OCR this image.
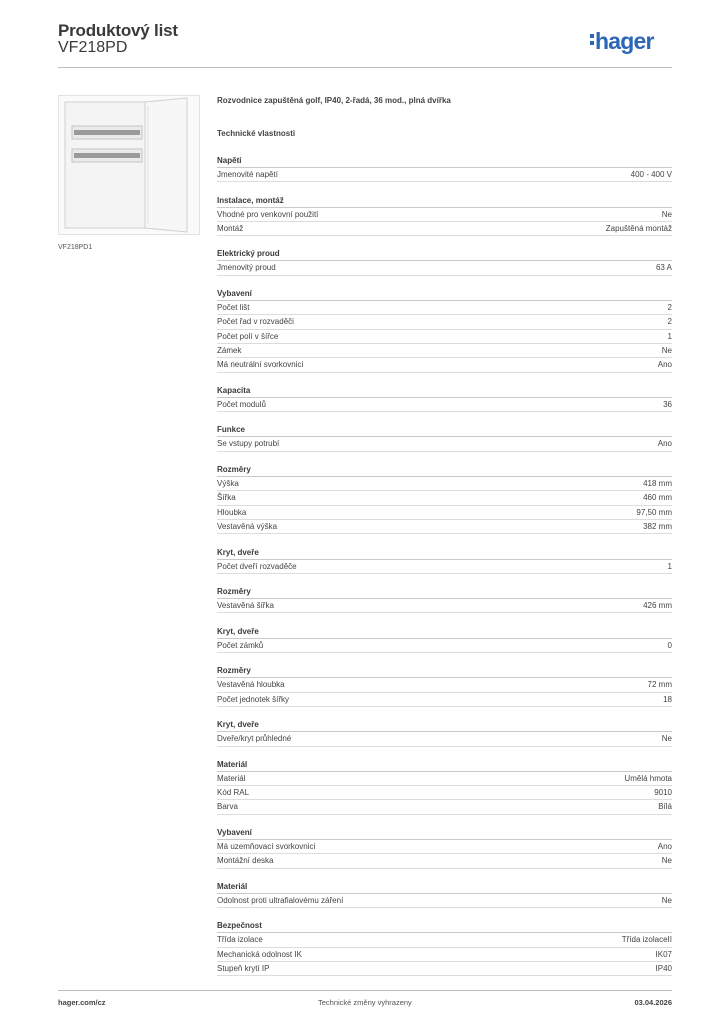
Produktový list
VF218PD	hager
VF218PD1
Rozvodnice zapuštěná golf, IP40, 2-řadá, 36 mod., plná dvířka
Technické vlastnosti
Napětí
Jmenovité napětí	400 - 400 V
Instalace, montáž
Vhodné pro venkovní použití	Ne
Montáž	Zapuštěná montáž
Elektrický proud
Jmenovitý proud	63 A
Vybavení
Počet lišt	2
Počet řad v rozvaděči	2
Počet polí v šířce	1
Zámek	Ne
Má neutrální svorkovnici	Ano
Kapacita
Počet modulů	36
Funkce
Se vstupy potrubí	Ano
Rozměry
Výška	418 mm
Šířka	460 mm
Hloubka	97,50 mm
Vestavěná výška	382 mm
Kryt, dveře
Počet dveří rozvaděče	1
Rozměry
Vestavěná šířka	426 mm
Kryt, dveře
Počet zámků	0
Rozměry
Vestavěná hloubka	72 mm
Počet jednotek šířky	18
Kryt, dveře
Dveře/kryt průhledné	Ne
Materiál
Materiál	Umělá hmota
Kód RAL	9010
Barva	Bílá
Vybavení
Má uzemňovací svorkovnici	Ano
Montážní deska	Ne
Materiál
Odolnost proti ultrafialovému záření	Ne
Bezpečnost
Třída izolace	Třída izolaceII
Mechanická odolnost IK	IK07
Stupeň krytí IP	IP40
hager.com/cz	Technické změny vyhrazeny	03.04.2026
